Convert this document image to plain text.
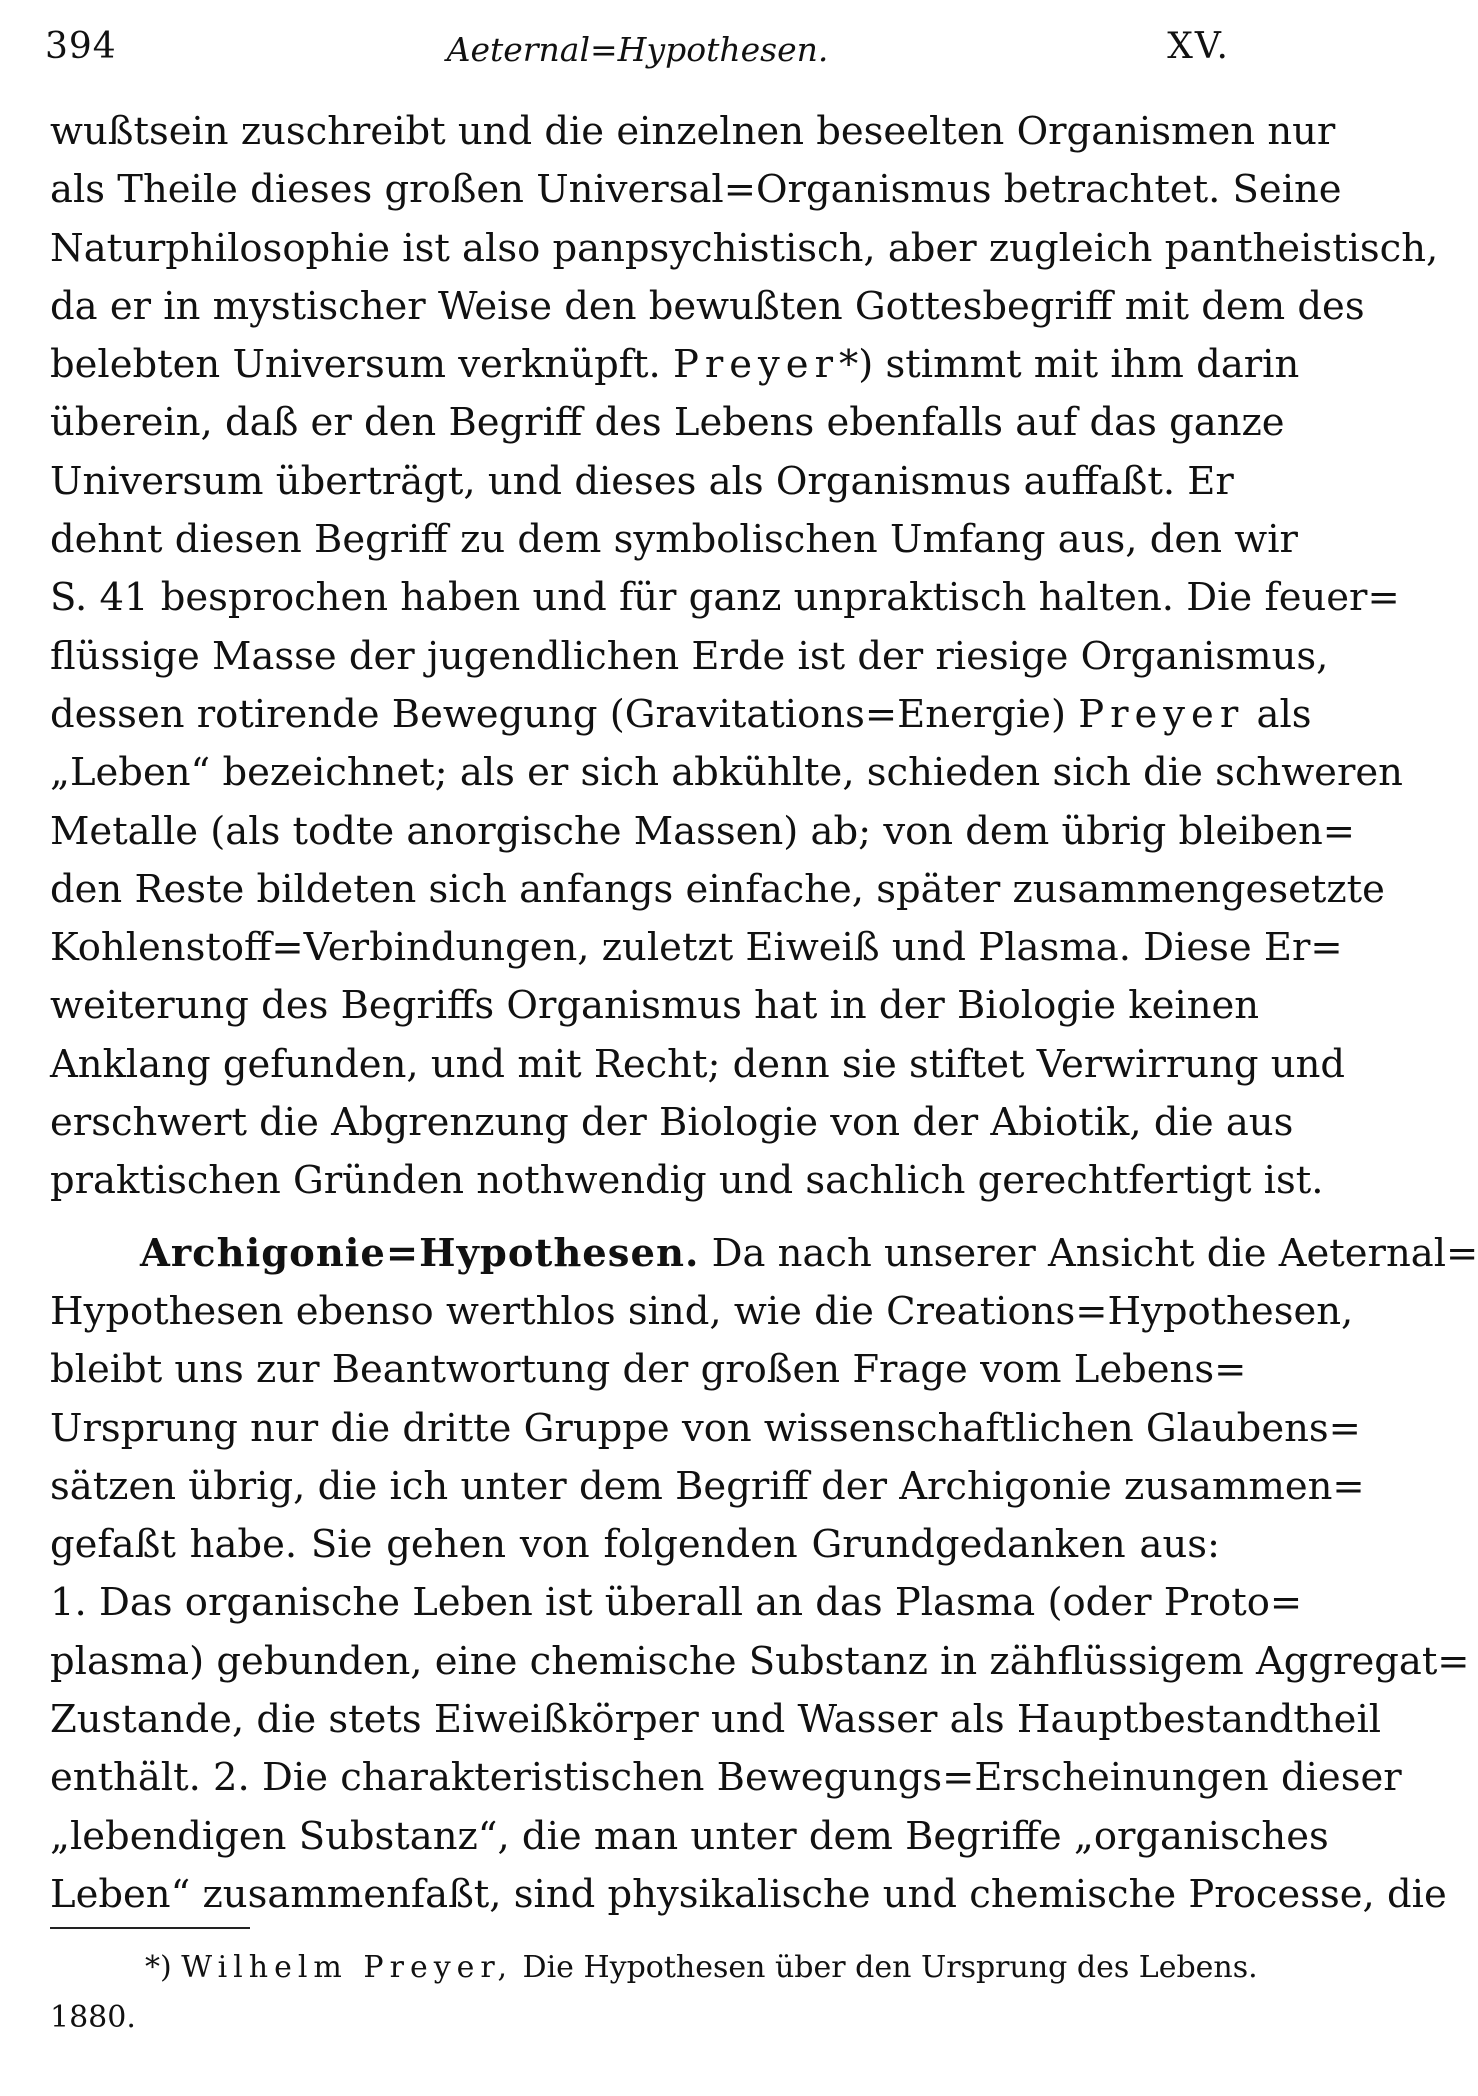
394	Aeternal=Hypothesen.	XV.
wußtsein zuschreibt und die einzelnen beseelten Organismen nur
als Theile dieses großen Universal=Organismus betrachtet. Seine
Naturphilosophie ist also panpsychistisch, aber zugleich pantheistisch,
da er in mystischer Weise den bewußten Gottesbegriff mit dem des
belebten Universum verknüpft. Preyer*) stimmt mit ihm darin
überein, daß er den Begriff des Lebens ebenfalls auf das ganze
Universum überträgt, und dieses als Organismus auffaßt. Er
dehnt diesen Begriff zu dem symbolischen Umfang aus, den wir
S. 41 besprochen haben und für ganz unpraktisch halten. Die feuer=
flüssige Masse der jugendlichen Erde ist der riesige Organismus,
dessen rotirende Bewegung (Gravitations=Energie) Preyer als
„Leben“ bezeichnet; als er sich abkühlte, schieden sich die schweren
Metalle (als todte anorgische Massen) ab; von dem übrig bleiben=
den Reste bildeten sich anfangs einfache, später zusammengesetzte
Kohlenstoff=Verbindungen, zuletzt Eiweiß und Plasma. Diese Er=
weiterung des Begriffs Organismus hat in der Biologie keinen
Anklang gefunden, und mit Recht; denn sie stiftet Verwirrung und
erschwert die Abgrenzung der Biologie von der Abiotik, die aus
praktischen Gründen nothwendig und sachlich gerechtfertigt ist.
Archigonie=Hypothesen. Da nach unserer Ansicht die Aeternal=
Hypothesen ebenso werthlos sind, wie die Creations=Hypothesen,
bleibt uns zur Beantwortung der großen Frage vom Lebens=
Ursprung nur die dritte Gruppe von wissenschaftlichen Glaubens=
sätzen übrig, die ich unter dem Begriff der Archigonie zusammen=
gefaßt habe. Sie gehen von folgenden Grundgedanken aus:
1. Das organische Leben ist überall an das Plasma (oder Proto=
plasma) gebunden, eine chemische Substanz in zähflüssigem Aggregat=
Zustande, die stets Eiweißkörper und Wasser als Hauptbestandtheil
enthält. 2. Die charakteristischen Bewegungs=Erscheinungen dieser
„lebendigen Substanz“, die man unter dem Begriffe „organisches
Leben“ zusammenfaßt, sind physikalische und chemische Processe, die
*) Wilhelm Preyer, Die Hypothesen über den Ursprung des Lebens.
1880.
